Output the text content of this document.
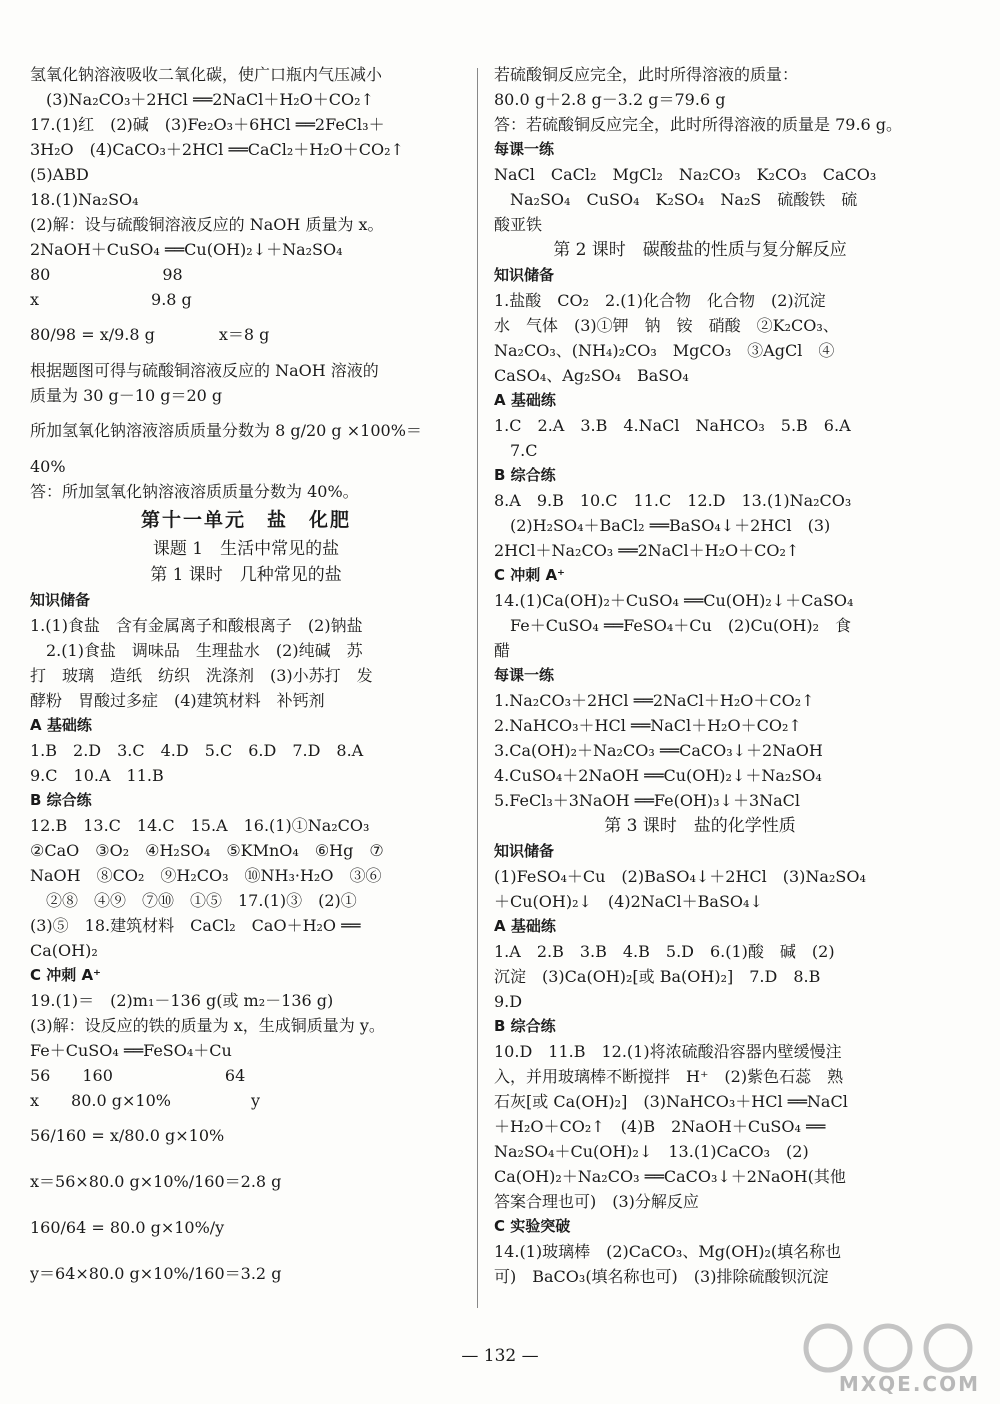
氢氧化钠溶液吸收二氧化碳，使广口瓶内气压减小
　(3)Na₂CO₃＋2HCl ══2NaCl＋H₂O＋CO₂↑
17.(1)红　(2)碱　(3)Fe₂O₃＋6HCl ══2FeCl₃＋
3H₂O　(4)CaCO₃＋2HCl ══CaCl₂＋H₂O＋CO₂↑
(5)ABD
18.(1)Na₂SO₄
(2)解：设与硫酸铜溶液反应的 NaOH 质量为 x。
2NaOH＋CuSO₄ ══Cu(OH)₂↓＋Na₂SO₄
80　　　　　　　98
x　　　　　　　9.8 g
80/98 = x/9.8 g　　　　x＝8 g
根据题图可得与硫酸铜溶液反应的 NaOH 溶液的
质量为 30 g－10 g＝20 g
所加氢氧化钠溶液溶质质量分数为 8 g/20 g ×100%＝
40%
答：所加氢氧化钠溶液溶质质量分数为 40%。
第十一单元　盐　化肥
课题 1　生活中常见的盐
第 1 课时　几种常见的盐
知识储备
1.(1)食盐　含有金属离子和酸根离子　(2)钠盐
　2.(1)食盐　调味品　生理盐水　(2)纯碱　苏
打　玻璃　造纸　纺织　洗涤剂　(3)小苏打　发
酵粉　胃酸过多症　(4)建筑材料　补钙剂
A 基础练
1.B　2.D　3.C　4.D　5.C　6.D　7.D　8.A
9.C　10.A　11.B
B 综合练
12.B　13.C　14.C　15.A　16.(1)①Na₂CO₃
②CaO　③O₂　④H₂SO₄　⑤KMnO₄　⑥Hg　⑦
NaOH　⑧CO₂　⑨H₂CO₃　⑩NH₃·H₂O　③⑥
　②⑧　④⑨　⑦⑩　①⑤　17.(1)③　(2)①
(3)⑤　18.建筑材料　CaCl₂　CaO＋H₂O ══
Ca(OH)₂
C 冲刺 A⁺
19.(1)＝　(2)m₁－136 g(或 m₂－136 g)
(3)解：设反应的铁的质量为 x，生成铜质量为 y。
Fe＋CuSO₄ ══FeSO₄＋Cu
56　　160　　　　　　　64
x　　80.0 g×10%　　　　　y
56/160 = x/80.0 g×10%
x＝56×80.0 g×10%/160＝2.8 g
160/64 = 80.0 g×10%/y
y＝64×80.0 g×10%/160＝3.2 g
若硫酸铜反应完全，此时所得溶液的质量：
80.0 g＋2.8 g－3.2 g＝79.6 g
答：若硫酸铜反应完全，此时所得溶液的质量是 79.6 g。
每课一练
NaCl　CaCl₂　MgCl₂　Na₂CO₃　K₂CO₃　CaCO₃
　Na₂SO₄　CuSO₄　K₂SO₄　Na₂S　硫酸铁　硫
酸亚铁
第 2 课时　碳酸盐的性质与复分解反应
知识储备
1.盐酸　CO₂　2.(1)化合物　化合物　(2)沉淀
水　气体　(3)①钾　钠　铵　硝酸　②K₂CO₃、
Na₂CO₃、(NH₄)₂CO₃　MgCO₃　③AgCl　④
CaSO₄、Ag₂SO₄　BaSO₄
A 基础练
1.C　2.A　3.B　4.NaCl　NaHCO₃　5.B　6.A
　7.C
B 综合练
8.A　9.B　10.C　11.C　12.D　13.(1)Na₂CO₃
　(2)H₂SO₄＋BaCl₂ ══BaSO₄↓＋2HCl　(3)
2HCl＋Na₂CO₃ ══2NaCl＋H₂O＋CO₂↑
C 冲刺 A⁺
14.(1)Ca(OH)₂＋CuSO₄ ══Cu(OH)₂↓＋CaSO₄
　Fe＋CuSO₄ ══FeSO₄＋Cu　(2)Cu(OH)₂　食
醋
每课一练
1.Na₂CO₃＋2HCl ══2NaCl＋H₂O＋CO₂↑
2.NaHCO₃＋HCl ══NaCl＋H₂O＋CO₂↑
3.Ca(OH)₂＋Na₂CO₃ ══CaCO₃↓＋2NaOH
4.CuSO₄＋2NaOH ══Cu(OH)₂↓＋Na₂SO₄
5.FeCl₃＋3NaOH ══Fe(OH)₃↓＋3NaCl
第 3 课时　盐的化学性质
知识储备
(1)FeSO₄＋Cu　(2)BaSO₄↓＋2HCl　(3)Na₂SO₄
＋Cu(OH)₂↓　(4)2NaCl＋BaSO₄↓
A 基础练
1.A　2.B　3.B　4.B　5.D　6.(1)酸　碱　(2)
沉淀　(3)Ca(OH)₂[或 Ba(OH)₂]　7.D　8.B
9.D
B 综合练
10.D　11.B　12.(1)将浓硫酸沿容器内壁缓慢注
入，并用玻璃棒不断搅拌　H⁺　(2)紫色石蕊　熟
石灰[或 Ca(OH)₂]　(3)NaHCO₃＋HCl ══NaCl
＋H₂O＋CO₂↑　(4)B　2NaOH＋CuSO₄ ══
Na₂SO₄＋Cu(OH)₂↓　13.(1)CaCO₃　(2)
Ca(OH)₂＋Na₂CO₃ ══CaCO₃↓＋2NaOH(其他
答案合理也可)　(3)分解反应
C 实验突破
14.(1)玻璃棒　(2)CaCO₃、Mg(OH)₂(填名称也
可)　BaCO₃(填名称也可)　(3)排除硫酸钡沉淀
— 132 —
MXQE.COM
